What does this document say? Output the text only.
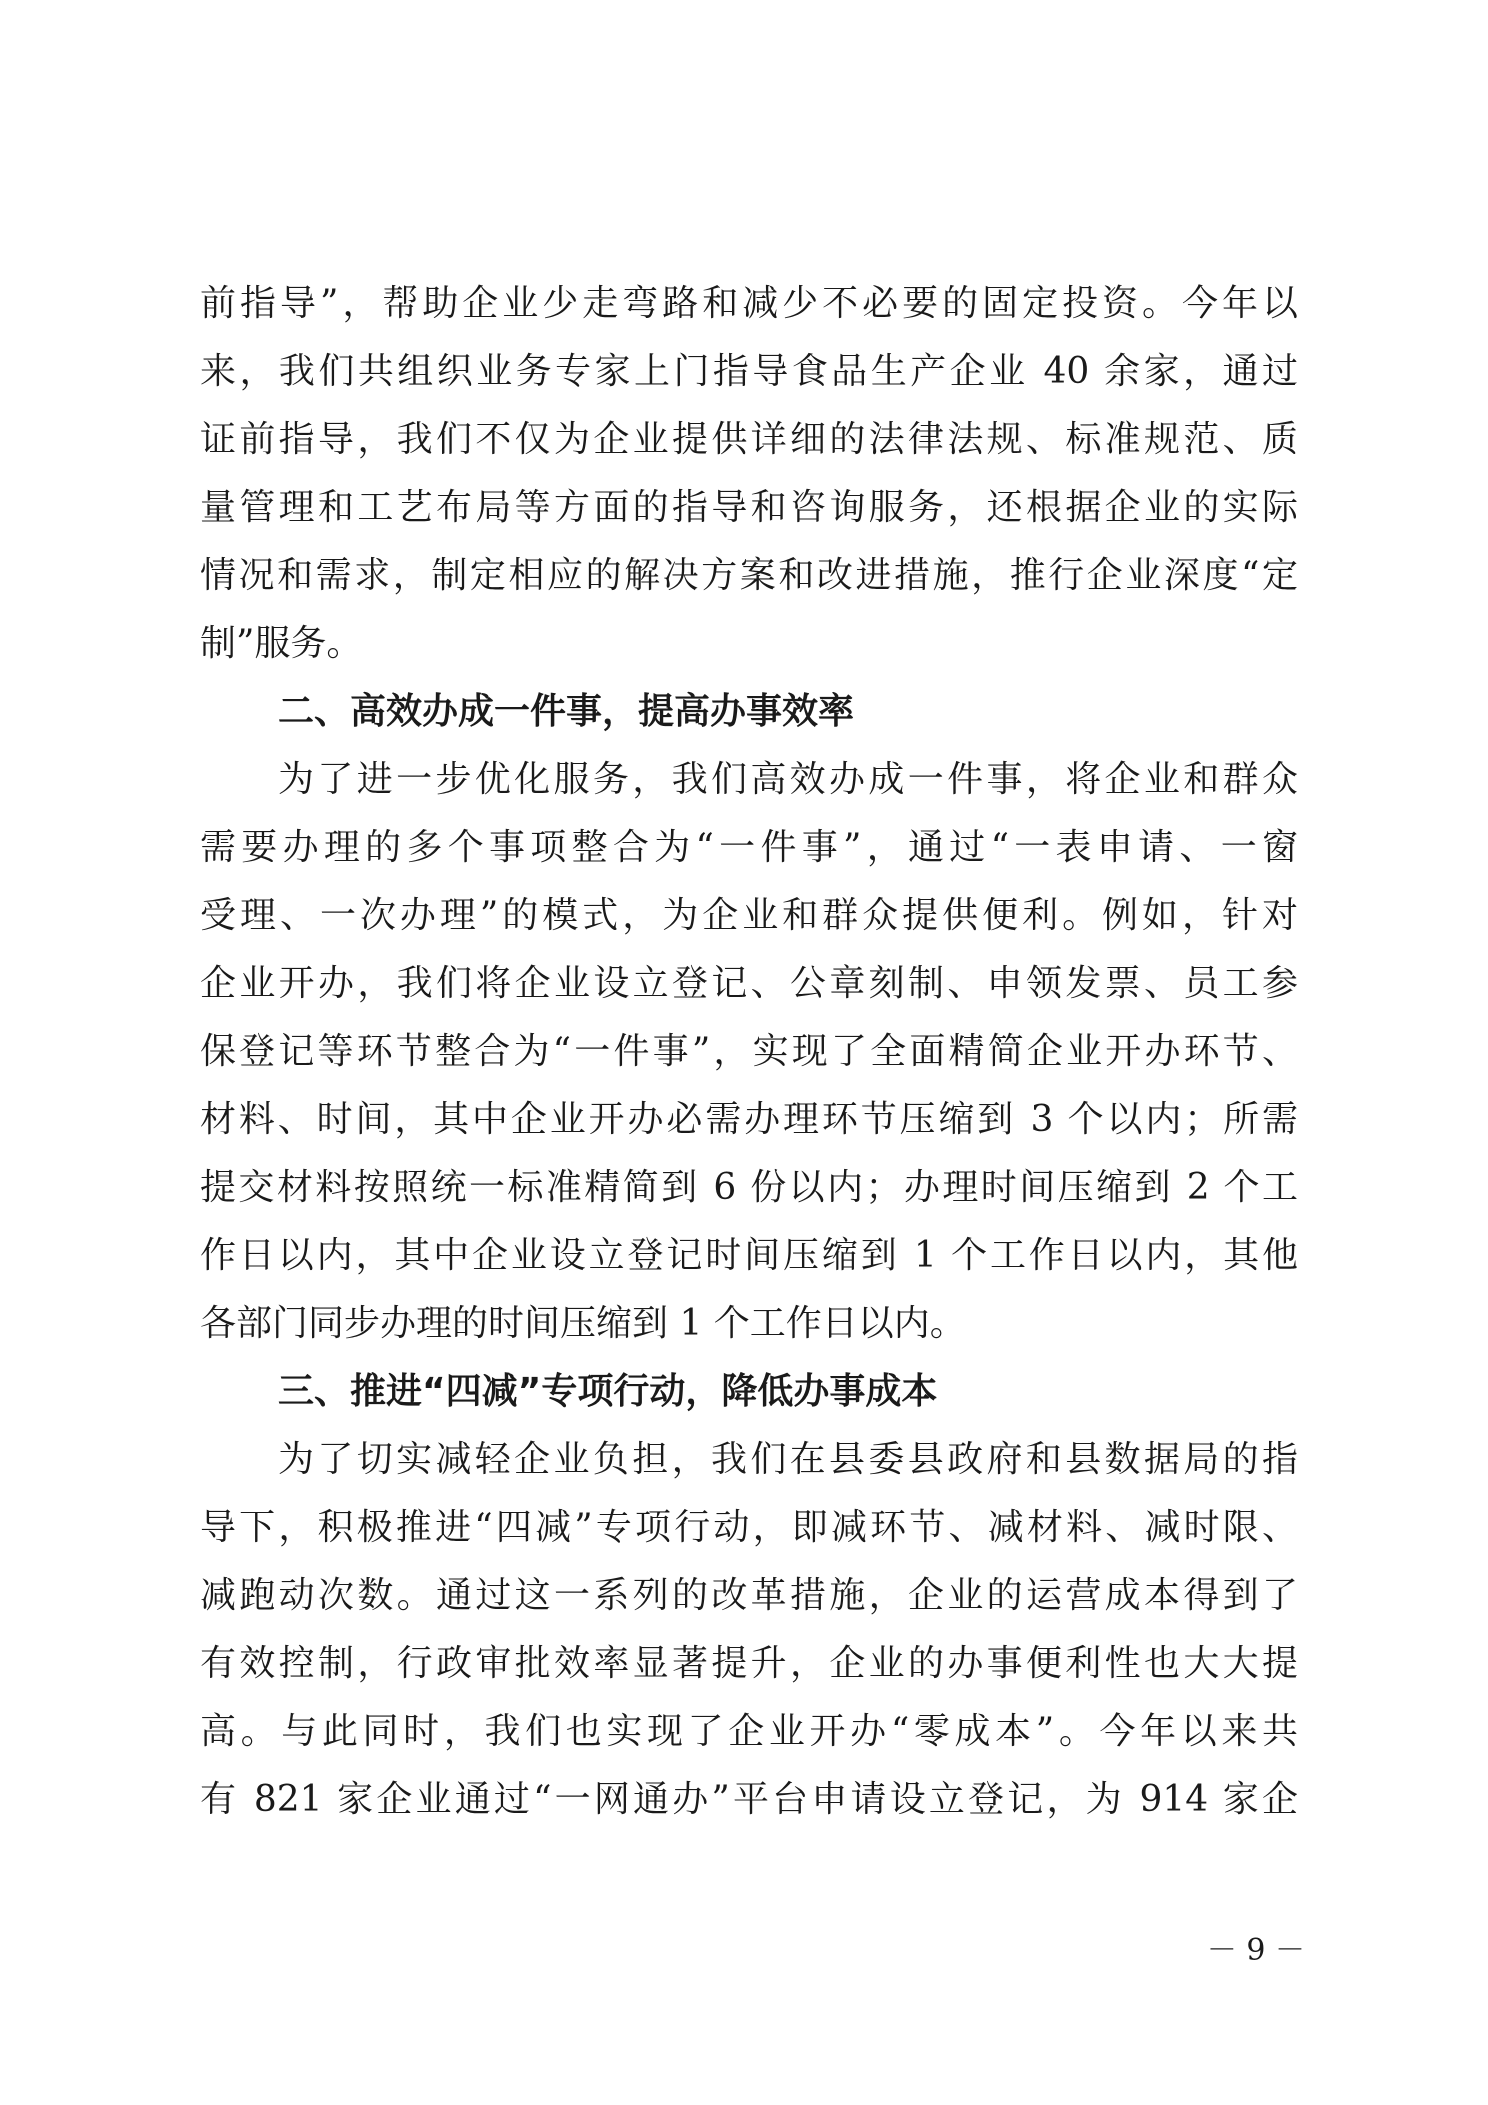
前指导”，帮助企业少走弯路和减少不必要的固定投资。今年以
来，我们共组织业务专家上门指导食品生产企业 40 余家，通过
证前指导，我们不仅为企业提供详细的法律法规、标准规范、质
量管理和工艺布局等方面的指导和咨询服务，还根据企业的实际
情况和需求，制定相应的解决方案和改进措施，推行企业深度“定
制”服务。
二、高效办成一件事，提高办事效率
为了进一步优化服务，我们高效办成一件事，将企业和群众
需要办理的多个事项整合为“一件事”，通过“一表申请、一窗
受理、一次办理”的模式，为企业和群众提供便利。例如，针对
企业开办，我们将企业设立登记、公章刻制、申领发票、员工参
保登记等环节整合为“一件事”，实现了全面精简企业开办环节、
材料、时间，其中企业开办必需办理环节压缩到 3 个以内；所需
提交材料按照统一标准精简到 6 份以内；办理时间压缩到 2 个工
作日以内，其中企业设立登记时间压缩到 1 个工作日以内，其他
各部门同步办理的时间压缩到 1 个工作日以内。
三、推进“四减”专项行动，降低办事成本
为了切实减轻企业负担，我们在县委县政府和县数据局的指
导下，积极推进“四减”专项行动，即减环节、减材料、减时限、
减跑动次数。通过这一系列的改革措施，企业的运营成本得到了
有效控制，行政审批效率显著提升，企业的办事便利性也大大提
高。与此同时，我们也实现了企业开办“零成本”。今年以来共
有 821 家企业通过“一网通办”平台申请设立登记，为 914 家企
－ 9 －
